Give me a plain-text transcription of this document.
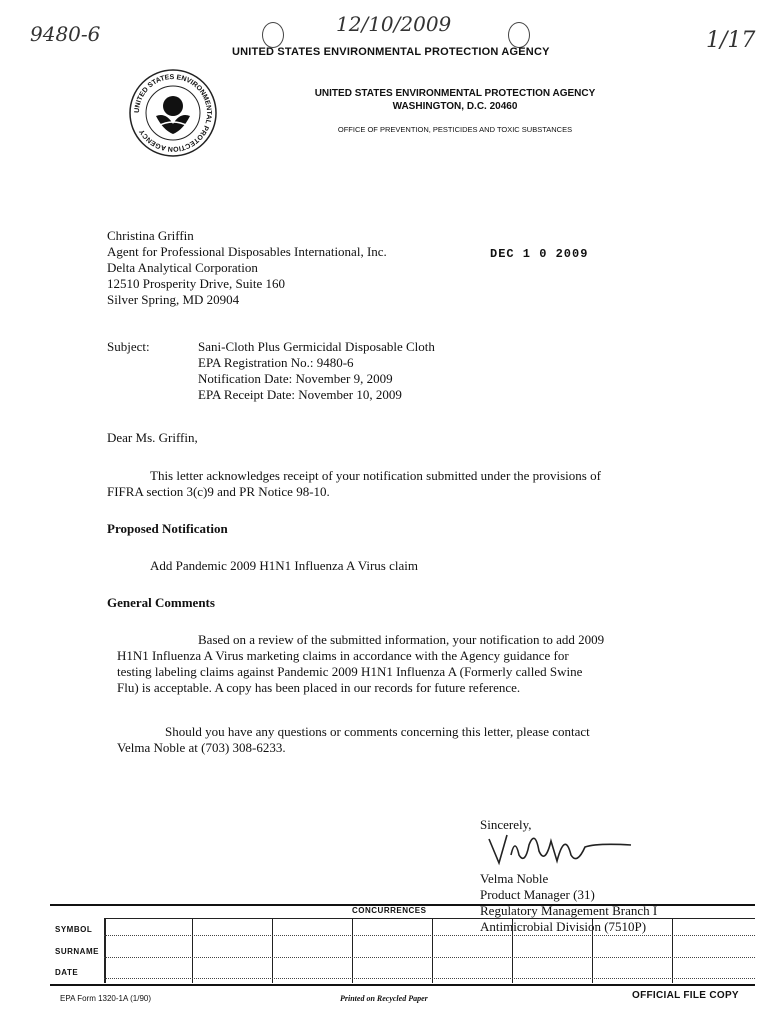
9480-6	12/10/2009
1/17
UNITED STATES ENVIRONMENTAL PROTECTION AGENCY
UNITED STATES ENVIRONMENTAL PROTECTION AGENCY
UNITED STATES ENVIRONMENTAL PROTECTION AGENCY
WASHINGTON, D.C. 20460
OFFICE OF PREVENTION, PESTICIDES AND TOXIC SUBSTANCES
Christina Griffin
Agent for Professional Disposables International, Inc.
Delta Analytical Corporation
12510 Prosperity Drive, Suite 160
Silver Spring, MD 20904
DEC 1 0 2009
Subject:	Sani-Cloth Plus Germicidal Disposable Cloth
EPA Registration No.: 9480-6
Notification Date: November 9, 2009
EPA Receipt Date: November 10, 2009
Dear Ms. Griffin,
This letter acknowledges receipt of your notification submitted under the provisions of
FIFRA section 3(c)9 and PR Notice 98-10.
Proposed Notification
Add Pandemic 2009 H1N1 Influenza A Virus claim
General Comments
Based on a review of the submitted information, your notification to add 2009
H1N1 Influenza A Virus marketing claims in accordance with the Agency guidance for
testing labeling claims against Pandemic 2009 H1N1 Influenza A (Formerly called Swine
Flu) is acceptable. A copy has been placed in our records for future reference.
Should you have any questions or comments concerning this letter, please contact
Velma Noble at (703) 308-6233.
Sincerely,
Velma Noble
Product Manager (31)
Regulatory Management Branch I
Antimicrobial Division (7510P)
CONCURRENCES
SYMBOL
SURNAME
DATE
EPA Form 1320-1A (1/90)	Printed on Recycled Paper	OFFICIAL FILE COPY
